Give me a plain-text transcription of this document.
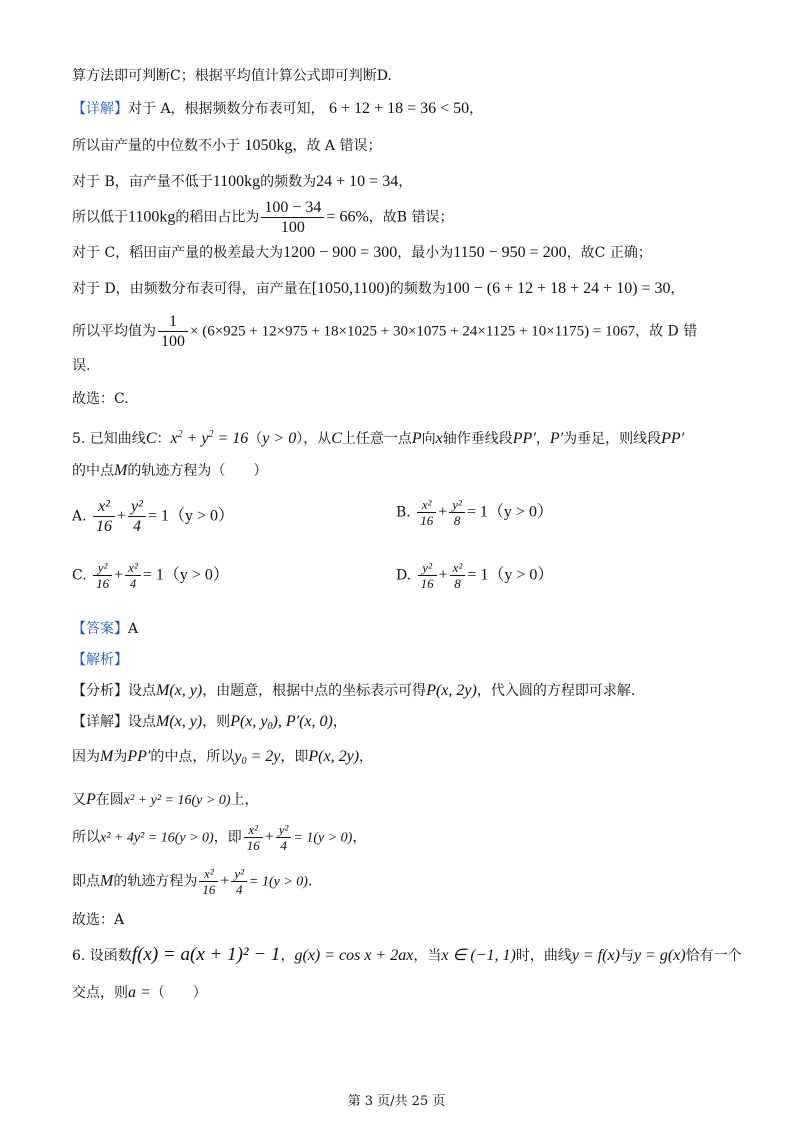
算方法即可判断C；根据平均值计算公式即可判断D.
【详解】对于 A，根据频数分布表可知， 6 + 12 + 18 = 36 < 50，
所以亩产量的中位数不小于 1050kg，故 A 错误；
对于 B，亩产量不低于1100kg的频数为24 + 10 = 34，
所以低于1100kg的稻田占比为 $\frac{100 - 34}{100} = 66\%$，故B 错误；
对于 C，稻田亩产量的极差最大为1200 − 900 = 300，最小为1150 − 950 = 200，故C 正确；
对于 D，由频数分布表可得，亩产量在[1050,1100)的频数为100 − (6 + 12 + 18 + 24 + 10) = 30，
所以平均值为 $\frac{1}{100} \times (6\times 925 + 12\times 975 + 18\times 1025 + 30\times 1075 + 24\times 1125 + 10\times 1175) = 1067$，故 D 错
误.
故选：C.
5. 已知曲线C：$x^2 + y^2 = 16(y > 0)$，从C上任意一点P向x轴作垂线段PP′，P′为垂足，则线段PP′
的中点M的轨迹方程为（　　）
A. $\frac{\text{x²}}{16} + \frac{\text{y²}}{4} = 1(y > 0)$	B. $\frac{\text{x²}}{16} + \frac{\text{y²}}{8} = 1(y > 0)$
C. $\frac{\text{y²}}{16} + \frac{\text{x²}}{4} = 1(y > 0)$	D. $\frac{\text{y²}}{16} + \frac{\text{x²}}{8} = 1(y > 0)$
【答案】A
【解析】
【分析】设点M(x, y)，由题意，根据中点的坐标表示可得P(x, 2y)，代入圆的方程即可求解.
【详解】设点M(x, y)，则P(x, $y_0$), P′(x, 0)，
因为M为PP′的中点，所以$y_0 = 2y$，即P(x, 2y)，
又P在圆x² + y² = 16(y > 0)上，
所以x² + 4y² = 16(y > 0)，即 $\frac{\text{x²}}{16} + \frac{\text{y²}}{4} = 1(y > 0)$，
即点M的轨迹方程为 $\frac{\text{x²}}{16} + \frac{\text{y²}}{4} = 1(y > 0)$.
故选：A
6. 设函数f(x) = a(x + 1)² − 1，g(x) = cos x + 2ax，当x ∈ (−1, 1)时，曲线y = f(x)与y = g(x)恰有一个
交点，则a =（　　）
第 3 页/共 25 页
